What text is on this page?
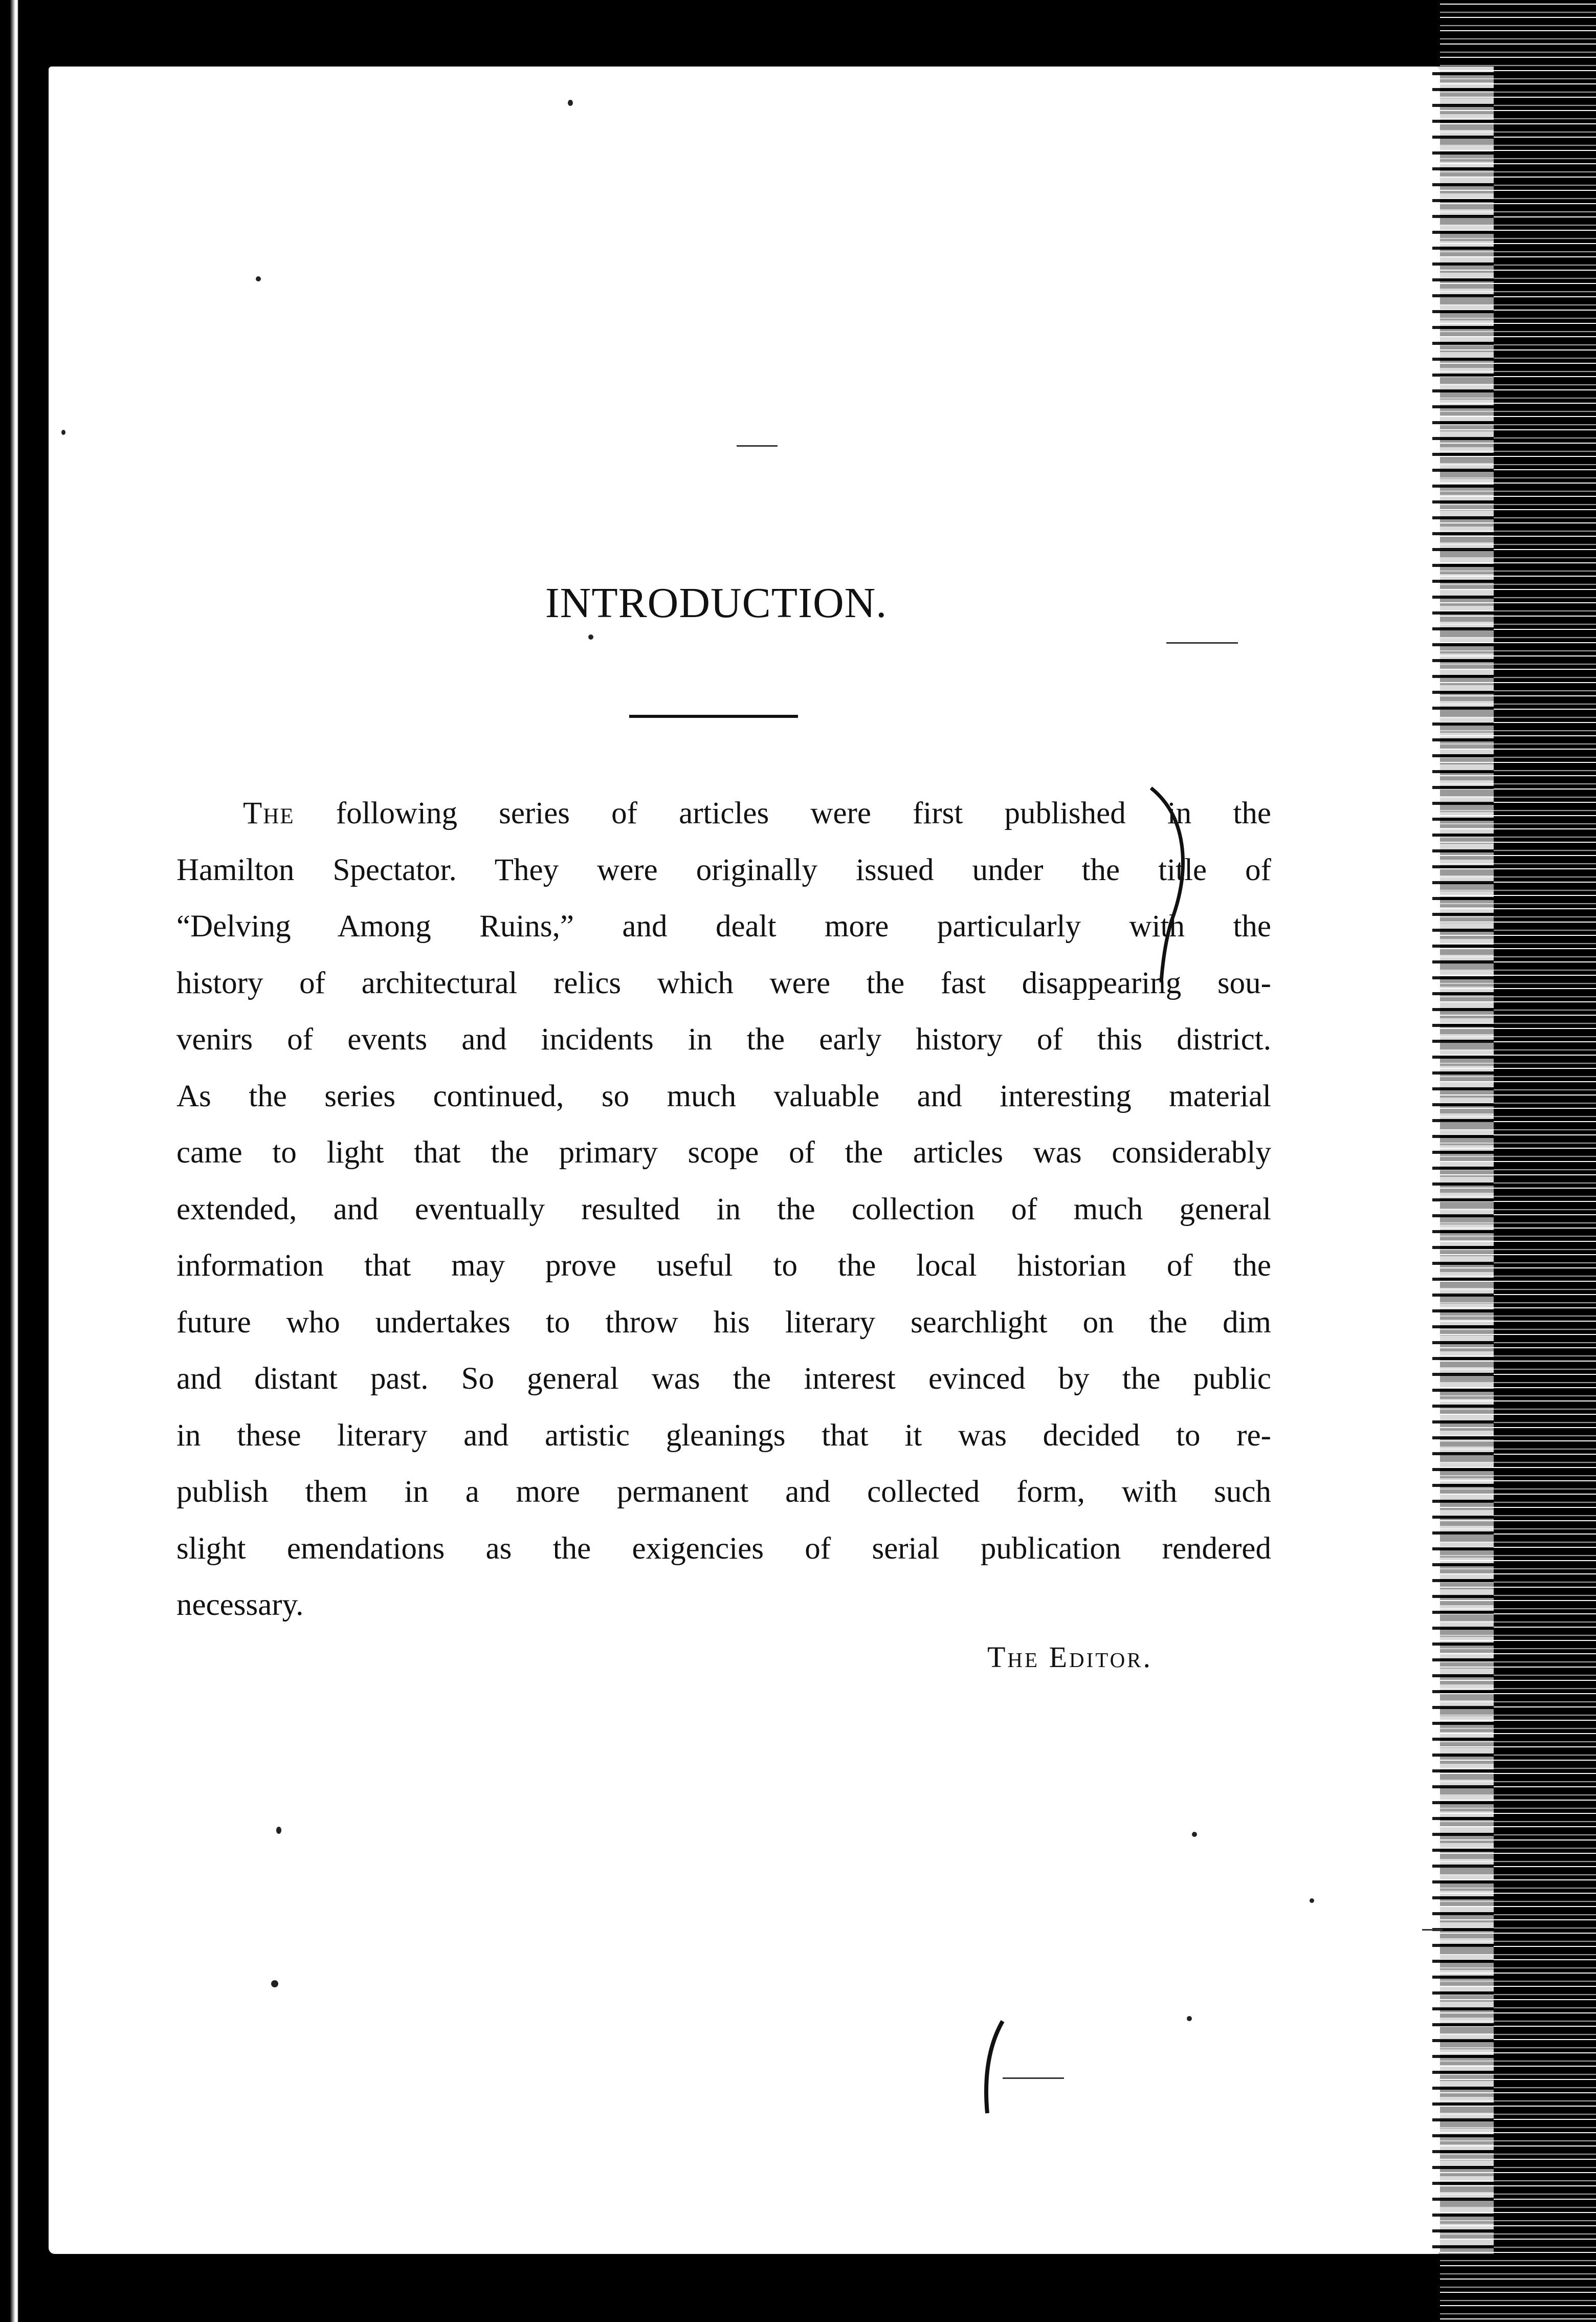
INTRODUCTION.
The following series of articles were first published in the
Hamilton Spectator. They were originally issued under the title of
“Delving Among Ruins,” and dealt more particularly with the
history of architectural relics which were the fast disappearing sou-
venirs of events and incidents in the early history of this district.
As the series continued, so much valuable and interesting material
came to light that the primary scope of the articles was considerably
extended, and eventually resulted in the collection of much general
information that may prove useful to the local historian of the
future who undertakes to throw his literary searchlight on the dim
and distant past. So general was the interest evinced by the public
in these literary and artistic gleanings that it was decided to re-
publish them in a more permanent and collected form, with such
slight emendations as the exigencies of serial publication rendered
necessary.

The Editor.
